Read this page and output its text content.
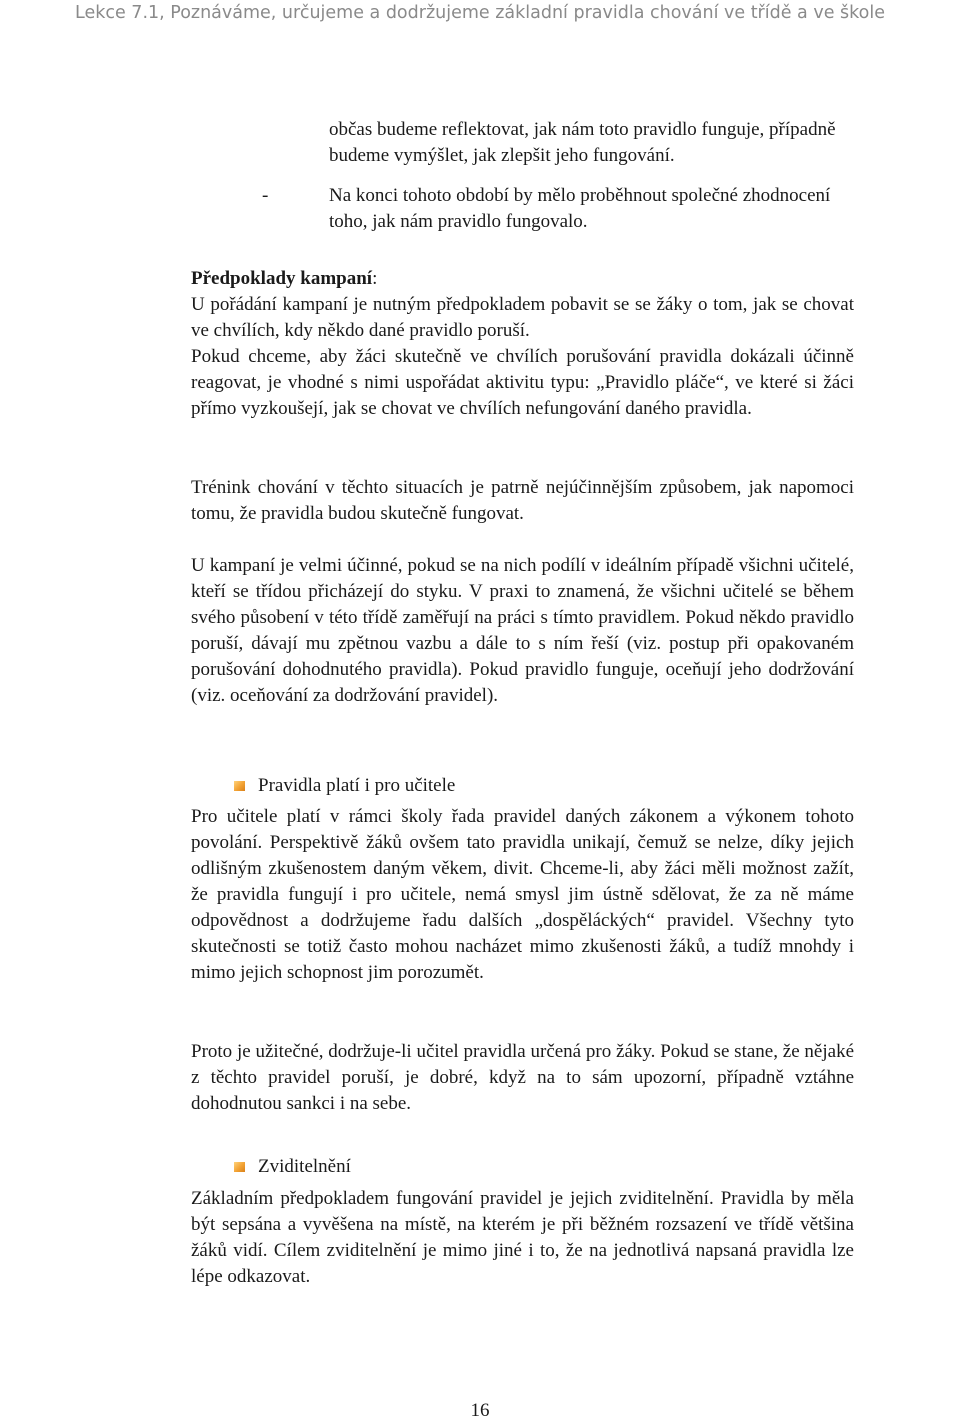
Lekce 7.1, Poznáváme, určujeme a dodržujeme základní pravidla chování ve třídě a ve škole

občas budeme reflektovat, jak nám toto pravidlo funguje, případně budeme vymýšlet, jak zlepšit jeho fungování.

-	Na konci tohoto období by mělo proběhnout společné zhodnocení toho, jak nám pravidlo fungovalo.

Předpoklady kampaní:

U pořádání kampaní je nutným předpokladem pobavit se se žáky o tom, jak se chovat ve chvílích, kdy někdo dané pravidlo poruší.

Pokud chceme, aby žáci skutečně ve chvílích porušování pravidla dokázali účinně reagovat, je vhodné s nimi uspořádat aktivitu typu: „Pravidlo pláče“, ve které si žáci přímo vyzkoušejí, jak se chovat ve chvílích nefungování daného pravidla.

Trénink chování v těchto situacích je patrně nejúčinnějším způsobem, jak napomoci tomu, že pravidla budou skutečně fungovat.

U kampaní je velmi účinné, pokud se na nich podílí v ideálním případě všichni učitelé, kteří se třídou přicházejí do styku. V praxi to znamená, že všichni učitelé se během svého působení v této třídě zaměřují na práci s tímto pravidlem. Pokud někdo pravidlo poruší, dávají mu zpětnou vazbu a dále to s ním řeší (viz. postup při opakovaném porušování dohodnutého pravidla). Pokud pravidlo funguje, oceňují jeho dodržování (viz. oceňování za dodržování pravidel).

Pravidla platí i pro učitele

Pro učitele platí v rámci školy řada pravidel daných zákonem a výkonem tohoto povolání. Perspektivě žáků ovšem tato pravidla unikají, čemuž se nelze, díky jejich odlišným zkušenostem daným věkem, divit. Chceme-li, aby žáci měli možnost zažít, že pravidla fungují i pro učitele, nemá smysl jim ústně sdělovat, že za ně máme odpovědnost a dodržujeme řadu dalších „dospěláckých“ pravidel. Všechny tyto skutečnosti se totiž často mohou nacházet mimo zkušenosti žáků, a tudíž mnohdy i mimo jejich schopnost jim porozumět.

Proto je užitečné, dodržuje-li učitel pravidla určená pro žáky. Pokud se stane, že nějaké z těchto pravidel poruší, je dobré, když na to sám upozorní, případně vztáhne dohodnutou sankci i na sebe.

Zviditelnění

Základním předpokladem fungování pravidel je jejich zviditelnění. Pravidla by měla být sepsána a vyvěšena na místě, na kterém je při běžném rozsazení ve třídě většina žáků vidí. Cílem zviditelnění je mimo jiné i to, že na jednotlivá napsaná pravidla lze lépe odkazovat.

16
